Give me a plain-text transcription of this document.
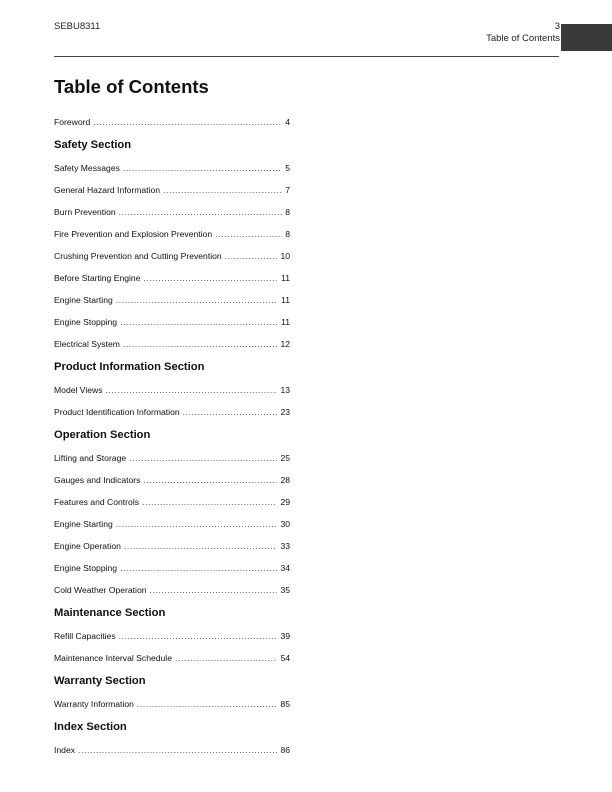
SEBU8311	3
Table of Contents
Table of Contents
Foreword .....	4
Safety Section
Safety Messages .....	5
General Hazard Information .....	7
Burn Prevention .....	8
Fire Prevention and Explosion Prevention .....	8
Crushing Prevention and Cutting Prevention .....	10
Before Starting Engine .....	11
Engine Starting .....	11
Engine Stopping .....	11
Electrical System .....	12
Product Information Section
Model Views .....	13
Product Identification Information .....	23
Operation Section
Lifting and Storage .....	25
Gauges and Indicators .....	28
Features and Controls .....	29
Engine Starting .....	30
Engine Operation .....	33
Engine Stopping .....	34
Cold Weather Operation .....	35
Maintenance Section
Refill Capacities .....	39
Maintenance Interval Schedule .....	54
Warranty Section
Warranty Information .....	85
Index Section
Index .....	86
